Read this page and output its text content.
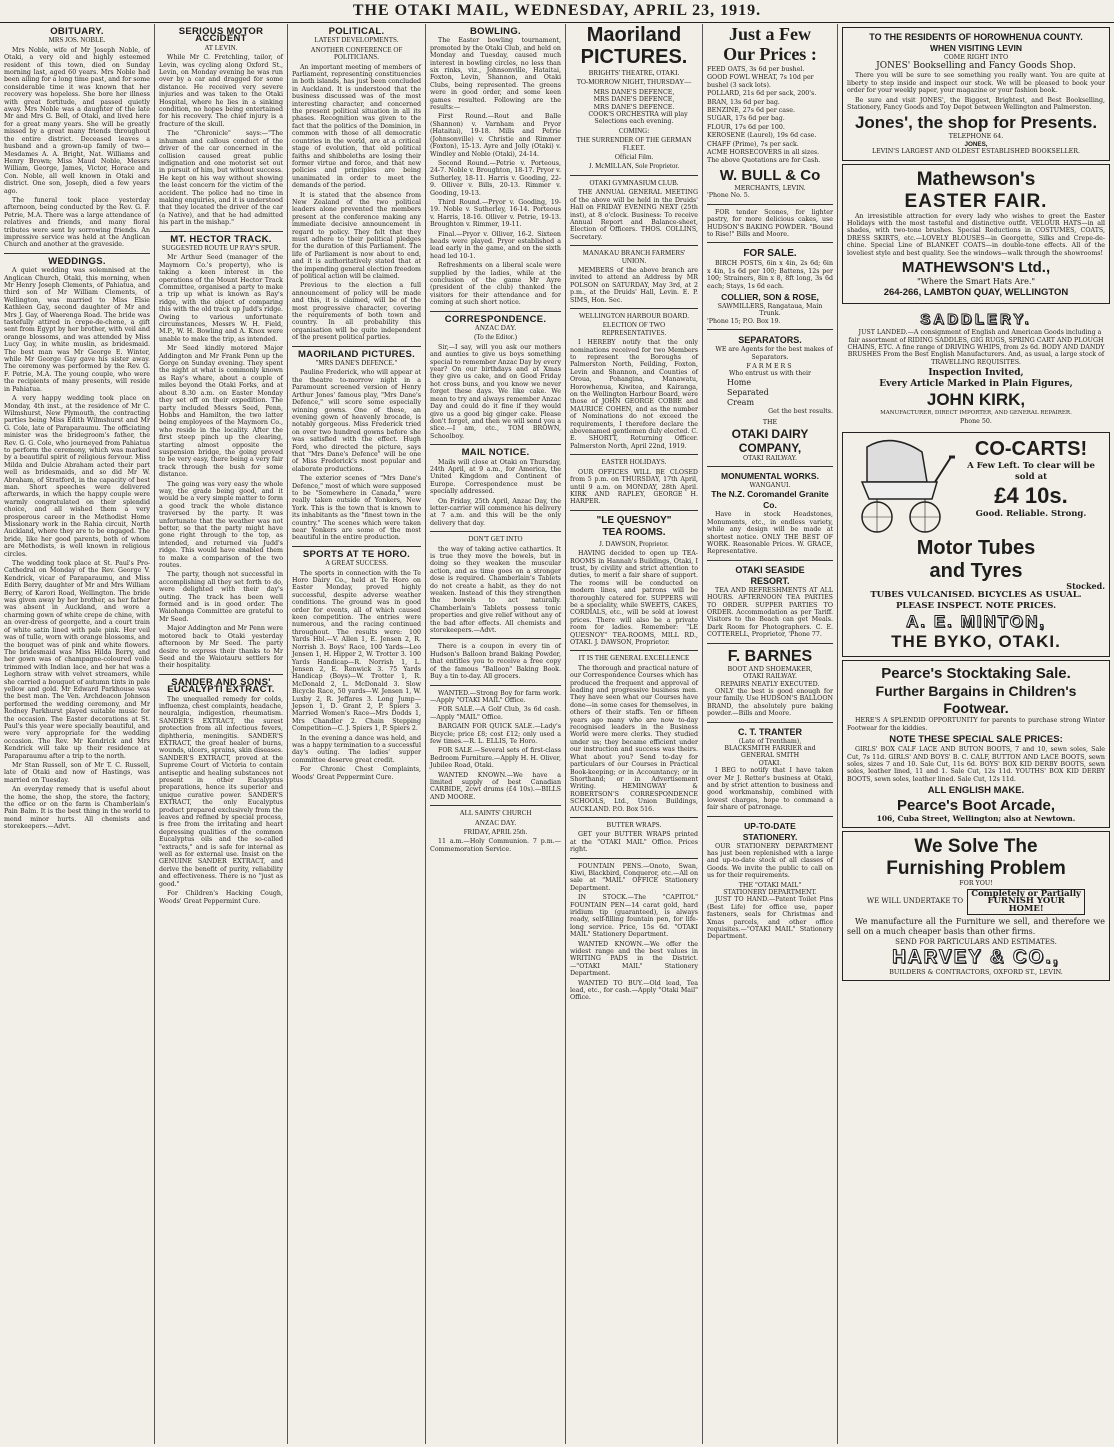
THE OTAKI MAIL, WEDNESDAY, APRIL 23, 1919.
OBITUARY.
MRS JOS. NOBLE.

Mrs Noble, wife of Mr Joseph Noble, of Otaki, a very old and highly esteemed resident of this town, died on Sunday morning last, aged 60 years. Mrs Noble had been ailing for a long time past, and for some considerable time it was known that her recovery was hopeless. She bore her illness with great fortitude, and passed quietly away. Mrs Noble was a daughter of the late Mr and Mrs G. Bell, of Otaki, and lived here for a great many years. She will be greatly missed by a great many friends throughout the entire district. Deceased leaves a husband and a grown-up family of two—Mesdames A. A. Bright, Nat. Williams and Henry Brown; Miss Maud Noble, Messrs William, George, James, Victor, Horace and Con. Noble, all well known in Otaki and district. One son, Joseph, died a few years ago.

The funeral took place yesterday afternoon, being conducted by the Rev. G. F. Petrie, M.A. There was a large attendance of relatives and friends, and many floral tributes were sent by sorrowing friends. An impressive service was held at the Anglican Church and another at the graveside.

WEDDINGS.

A quiet wedding was solemnised at the Anglican Church, Otaki, this morning, when Mr Henry Joseph Clements, of Pahiatua, and third son of Mr William Clements, of Wellington, was married to Miss Elsie Kathleen Gay, second daughter of Mr and Mrs J. Gay, of Waerenga Road. The bride was tastefully attired in crepe-de-chene, a gift sent from Egypt by her brother, with veil and orange blossoms, and was attended by Miss Lucy Gay, in white muslin, as bridesmaid. The best man was Mr George E. Winter, while Mr George Gay gave his sister away. The ceremony was performed by the Rev. G. F. Petrie, M.A. The young couple, who were the recipients of many presents, will reside in Pahiatua.

A very happy wedding took place on Monday, 4th inst., at the residence of Mr C. Wilmshurst, New Plymouth, the contracting parties being Miss Edith Wilmshurst and Mr G. Cole, late of Paraparaumu. The officiating minister was the bridegroom's father, the Rev. G. G. Cole, who journeyed from Pahiatua to perform the ceremony, which was marked by a beautiful spirit of religious fervour. Miss Milda and Dulcie Abraham acted their part well as bridesmaids, and so did Mr W. Abraham, of Stratford, in the capacity of best man. Short speeches were delivered afterwards, in which the happy couple were warmly congratulated on their splendid choice, and all wished them a very prosperous career in the Methodist Home Missionary work in the Rahia circuit, North Auckland, where they are to be engaged. The bride, like her good parents, both of whom are Methodists, is well known in religious circles.

The wedding took place at St. Paul's Pro-Cathedral on Monday of the Rev. George V. Kendrick, vicar of Paraparaumu, and Miss Edith Berry, daughter of Mr and Mrs William Berry, of Karori Road, Wellington. The bride was given away by her brother, as her father was absent in Auckland, and wore a charming gown of white crepe de chine, with an over-dress of georgette, and a court train of white satin lined with pale pink. Her veil was of tulle, worn with orange blossoms, and the bouquet was of pink and white flowers. The bridesmaid was Miss Hilda Berry, and her gown was of champagne-coloured voile trimmed with Indian lace, and her hat was a Leghorn straw with velvet streamers, while she carried a bouquet of autumn tints in pale yellow and gold. Mr Edward Parkhouse was the best man. The Ven. Archdeacon Johnson performed the wedding ceremony, and Mr Rodney Parkhurst played suitable music for the occasion. The Easter decorations at St. Paul's this year were specially beautiful, and were very appropriate for the wedding occasion. The Rev. Mr Kendrick and Mrs Kendrick will take up their residence at Paraparaumu after a trip to the north.

Mr Stan Russell, son of Mr T. C. Russell, late of Otaki and now of Hastings, was married on Tuesday.

An everyday remedy that is useful about the home, the shop, the store, the factory, the office or on the farm is Chamberlain's Pain Balm. It is the best thing in the world to mend minor hurts. All chemists and storekeepers.—Advt.

SERIOUS MOTOR ACCIDENT
AT LEVIN.

While Mr C. Fretchling, tailor, of Levin, was cycling along Oxford St., Levin, on Monday evening he was run over by a car and dragged for some distance. He received very severe injuries and was taken to the Otaki Hospital, where he lies in a sinking condition, no hopes being entertained for his recovery. The chief injury is a fracture of the skull.

The "Chronicle" says:—"The inhuman and callous conduct of the driver of the car concerned in the collision caused great public indignation and one motorist set out in pursuit of him, but without success. He kept on his way without showing the least concern for the victim of the accident. The police had no time in making enquiries, and it is understood that they located the driver of the car (a Native), and that he had admitted his part in the mishap."

MT. HECTOR TRACK.
SUGGESTED ROUTE UP RAY'S SPUR.

Mr Arthur Seed (manager of the Maymorn Co.'s property), who is taking a keen interest in the operations of the Mount Hector Track Committee, organised a party to make a trip up what is known as Ray's ridge, with the object of comparing this with the old track up Judd's ridge. Owing to various unfortunate circumstances, Messrs W. H. Field, M.P., W. H. Bowling and A. Knox were unable to make the trip, as intended.

Mr Seed kindly motored Major Addington and Mr Frank Penn up the Gorge on Sunday evening. They spent the night at what is commonly known as Ray's whare, about a couple of miles beyond the Otaki Forks, and at about 8.30 a.m. on Easter Monday they set off on their expedition. The party included Messrs Seed, Penn, Hobbs and Hamilton, the two latter being employees of the Maymorn Co., who reside in the locality. After the first steep pinch up the clearing, starting almost opposite the suspension bridge, the going proved to be very easy, there being a very fair track through the bush for some distance.

The going was very easy the whole way, the grade being good, and it would be a very simple matter to form a good track the whole distance traversed by the party. It was unfortunate that the weather was not better, so that the party might have gone right through to the top, as intended, and returned via Judd's ridge. This would have enabled them to make a comparison of the two routes.

The party, though not successful in accomplishing all they set forth to do, were delighted with their day's outing. The track has been well formed and is in good order. The Waiohanga Committee are grateful to Mr Seed.

Major Addington and Mr Penn were motored back to Otaki yesterday afternoon by Mr Seed. The party desire to express their thanks to Mr Seed and the Waiotauru settlers for their hospitality.

SANDER AND SONS' EUCALYPTI EXTRACT.

The unequalled remedy for colds, influenza, chest complaints, headache, neuralgia, indigestion, rheumatism. SANDER'S EXTRACT, the surest protection from all infectious fevers, diphtheria, meningitis. SANDER'S EXTRACT, the great healer of burns, wounds, ulcers, sprains, skin diseases. SANDER'S EXTRACT, proved at the Supreme Court of Victoria to contain antiseptic and healing substances not present in other Eucalyptus preparations, hence its superior and unique curative power. SANDER'S EXTRACT, the only Eucalyptus product prepared exclusively from the leaves and refined by special process, is free from the irritating and heart depressing qualities of the common Eucalyptus oils and the so-called "extracts," and is safe for internal as well as for external use. Insist on the GENUINE SANDER EXTRACT, and derive the benefit of purity, reliability and effectiveness. There is no "just as good."

For Children's Hacking Cough, Woods' Great Peppermint Cure.

POLITICAL.
LATEST DEVELOPMENTS.
ANOTHER CONFERENCE OF POLITICIANS.

An important meeting of members of Parliament, representing constituencies in both islands, has just been concluded in Auckland. It is understood that the business discussed was of the most interesting character, and concerned the present political situation in all its phases. Recognition was given to the fact that the politics of the Dominion, in common with those of all democratic countries in the world, are at a critical stage of evolution, that old political faiths and shibboleths are losing their former virtue and force, and that new policies and principles are being unanimated in order to meet the demands of the period.

It is stated that the absence from New Zealand of the two political leaders alone prevented the members present at the conference making any immediate decisive announcement in regard to policy. They felt that they must adhere to their political pledges for the duration of this Parliament. The life of Parliament is now about to end, and it is authoritatively stated that at the impending general election freedom of political action will be claimed.

Previous to the election a full announcement of policy will be made and this, it is claimed, will be of the most progressive character, covering the requirements of both town and country. In all probability this organisation will be quite independent of the present political parties.

MAORILAND PICTURES.
"MRS DANE'S DEFENCE."

Pauline Frederick, who will appear at the theatre to-morrow night in a Paramount screened version of Henry Arthur Jones' famous play, "Mrs Dane's Defence," will score some especially winning gowns. One of these, an evening gown of heavenly brocade, is notably gorgeous. Miss Frederick tried on over two hundred gowns before she was satisfied with the effect. Hugh Ford, who directed the picture, says that "Mrs Dane's Defence" will be one of Miss Frederick's most popular and elaborate productions.

The exterior scenes of "Mrs Dane's Defence," most of which were supposed to be "Somewhere in Canada," were really taken outside of Yonkers, New York. This is the town that is known to its inhabitants as the "finest town in the country." The scenes which were taken near Yonkers are some of the most beautiful in the entire production.

SPORTS AT TE HORO.
A GREAT SUCCESS.

The sports in connection with the Te Horo Dairy Co., held at Te Horo on Easter Monday, proved highly successful, despite adverse weather conditions. The ground was in good order for events, all of which caused keen competition. The entries were numerous, and the racing continued throughout. The results were: 100 Yards Hbl.—V. Allen 1, E. Jensen 2, R. Norrish 3. Boys' Race, 100 Yards—Leo Jensen 1, H. Hipper 2, W. Trotter 3. 100 Yards Handicap—R. Norrish 1, L. Jensen 2, E. Renwick 3. 75 Yards Handicap (Boys)—W. Trotter 1, R. McDonald 2, L. McDonald 3. Slow Bicycle Race, 50 yards—W. Jensen 1, W. Luxby 2, R. Jeffares 3. Long Jump—Jepson 1, D. Grant 2, P. Spiers 3. Married Women's Race—Mrs Dodds 1, Mrs Chandler 2. Chain Stepping Competition—C. J. Spiers 1, P. Spiers 2.

In the evening a dance was held, and was a happy termination to a successful day's outing. The ladies' supper committee deserve great credit.

For Chronic Chest Complaints, Woods' Great Peppermint Cure.

BOWLING.

The Easter bowling tournament, promoted by the Otaki Club, and held on Monday and Tuesday, caused much interest in bowling circles, no less than six rinks, viz., Johnsonville, Hataitai, Foxton, Levin, Shannon, and Otaki Clubs, being represented. The greens were in good order, and some keen games resulted. Following are the results:—

First Round.—Rout and Balle (Shannon) v. Varnham and Pryor (Hataitai), 19-18. Mills and Petrie (Johnsonville) v. Christie and Rimmer (Foxton), 15-13. Ayre and Jolly (Otaki) v. Windley and Noble (Otaki), 24-14.

Second Round.—Petrie v. Porteous, 24-7. Noble v. Broughton, 18-17. Pryor v. Sutherley, 18-11. Harris v. Gooding, 22-9. Olliver v. Bills, 20-13. Rimmer v. Gooding, 19-13.

Third Round.—Pryor v. Gooding, 19-19. Noble v. Sutherley, 16-14. Porteous v. Harris, 18-16. Olliver v. Petrie, 19-13. Broughton v. Rimmer, 19-11.

Final.—Pryor v. Olliver, 16-2. Sixteen heads were played. Pryor established a lead early in the game, and on the sixth head led 10-1.

Refreshments on a liberal scale were supplied by the ladies, while at the conclusion of the game Mr Ayre (president of the club) thanked the visitors for their attendance and for coming at such short notice.

CORRESPONDENCE.
ANZAC DAY.
(To the Editor.)

Sir,—I say, will you ask our mothers and aunties to give us boys something special to remember Anzac Day by every year? On our birthdays and at Xmas they give us cake, and on Good Friday hot cross buns, and you know we never forget these days. We like cake. We mean to try and always remember Anzac Day and could do it fine if they would give us a good big ginger cake. Please don't forget, and then we will send you a slice.—I am, etc., TOM BROWN, Schoolboy.

MAIL NOTICE.

Mails will close at Otaki on Thursday, 24th April, at 9 a.m., for America, the United Kingdom and Continent of Europe. Correspondence must be specially addressed.

On Friday, 25th April, Anzac Day, the letter-carrier will commence his delivery at 7 a.m. and this will be the only delivery that day.

DON'T GET INTO

the way of taking active cathartics. It is true they move the bowels, but in doing so they weaken the muscular action, and as time goes on a stronger dose is required. Chamberlain's Tablets do not create a habit, as they do not weaken. Instead of this they strengthen the bowels to act naturally. Chamberlain's Tablets possess tonic properties and give relief without any of the bad after effects. All chemists and storekeepers.—Advt.

There is a coupon in every tin of Hudson's Balloon brand Baking Powder, that entitles you to receive a free copy of the famous "Balloon" Baking Book. Buy a tin to-day. All grocers.

WANTED.—Strong Boy for farm work.—Apply "OTAKI MAIL" Office.

FOR SALE.—A Golf Club, 3s 6d cash.—Apply "MAIL" Office.

BARGAIN FOR QUICK SALE.—Lady's Bicycle; price £8; cost £12; only used a few times.—R. L. ELLIS, Te Horo.

FOR SALE.—Several sets of first-class Bedroom Furniture.—Apply H. H. Oliver, Jubilee Road, Otaki.

WANTED KNOWN.—We have a limited supply of best Canadian CARBIDE, 2cwt drums (£4 10s).—BILLS AND MOORE.

ALL SAINTS' CHURCH
ANZAC DAY.
FRIDAY, APRIL 25th.

11 a.m.—Holy Communion. 7 p.m.—Commemoration Service.

Maoriland
PICTURES.
BRIGHTS' THEATRE, OTAKI.
TO-MORROW NIGHT, THURSDAY—
MRS DANE'S DEFENCE,
MRS DANE'S DEFENCE,
MRS DANE'S DEFENCE.

COOK'S ORCHESTRA will play Selections each evening.

COMING:
THE SURRENDER OF THE GERMAN FLEET.
Official Film.
J. McMILLAN, Sole Proprietor.
OTAKI GYMNASIUM CLUB.

THE ANNUAL GENERAL MEETING of the above will be held in the Druids' Hall on FRIDAY EVENING NEXT (25th inst), at 8 o'clock. Business: To receive Annual Report and Balance-sheet, Election of Officers. THOS. COLLINS, Secretary.

MANAKAU BRANCH FARMERS' UNION.

MEMBERS of the above branch are invited to attend an Address by MR POLSON on SATURDAY, May 3rd, at 2 p.m., at the Druids' Hall, Levin. E. P. SIMS, Hon. Sec.

WELLINGTON HARBOUR BOARD.
ELECTION OF TWO REPRESENTATIVES.

I HEREBY notify that the only nominations received for two Members to represent the Boroughs of Palmerston North, Feilding, Foxton, Levin and Shannon, and Counties of Oroua, Pohangina, Manawatu, Horowhenua, Kiwitea, and Kairanga, on the Wellington Harbour Board, were those of JOHN GEORGE COBBE and MAURICE COHEN, and as the number of Nominations do not exceed the requirements, I therefore declare the abovenamed gentlemen duly elected. C. E. SHORTT, Returning Officer. Palmerston North, April 22nd, 1919.

EASTER HOLIDAYS.

OUR OFFICES WILL BE CLOSED from 5 p.m. on THURSDAY, 17th April, until 9 a.m. on MONDAY, 28th April. KIRK AND RAPLEY, GEORGE H. HARPER.

"LE QUESNOY"
TEA ROOMS.
J. DAWSON, Proprietor.

HAVING decided to open up TEA-ROOMS in Hannah's Buildings, Otaki, I trust, by civility and strict attention to duties, to merit a fair share of support. The rooms will be conducted on modern lines, and patrons will be thoroughly catered for. SUPPERS will be a speciality, while SWEETS, CAKES, CORDIALS, etc., will be sold at lowest prices. There will also be a private room for ladies. Remember: "LE QUESNOY" TEA-ROOMS, MILL RD., OTAKI. J. DAWSON, Proprietor.

IT IS THE GENERAL EXCELLENCE

The thorough and practical nature of our Correspondence Courses which has produced the frequent and approval of leading and progressive business men. They have seen what our Courses have done—in some cases for themselves, in others of their staffs. Ten or fifteen years ago many who are now to-day recognised leaders in the Business World were mere clerks. They studied under us; they became efficient under our instruction and success was theirs. What about you? Send to-day for particulars of our Courses in Practical Book-keeping; or in Accountancy; or in Shorthand; or in Advertisement Writing. HEMINGWAY & ROBERTSON'S CORRESPONDENCE SCHOOLS, Ltd., Union Buildings, AUCKLAND. P.O. Box 516.

BUTTER WRAPS.

GET your BUTTER WRAPS printed at the "OTAKI MAIL" Office. Prices right.

FOUNTAIN PENS.—Onoto, Swan, Kiwi, Blackbird, Conqueror, etc.—All on sale at "MAIL" OFFICE Stationery Department.

IN STOCK.—The "CAPITOL" FOUNTAIN PEN—14 carat gold, hard iridium tip (guaranteed), is always ready, self-filling fountain pen, for life-long service. Price, 15s 6d. "OTAKI MAIL" Stationery Department.

WANTED KNOWN.—We offer the widest range and the best values in WRITING PADS in the District.—"OTAKI MAIL" Stationery Department.

WANTED TO BUY.—Old lead, Tea lead, etc., for cash.—Apply "Otaki Mail" Office.

Just a Few
Our Prices :
FEED OATS, 3s 6d per bushel.
GOOD FOWL WHEAT, 7s 10d per bushel (3 sack lots).
POLLARD, 21s 6d per sack, 200's.
BRAN, 13s 6d per bag.
BENZINE, 27s 6d per case.
SUGAR, 17s 6d per bag.
FLOUR, 17s 6d per 100.
KEROSENE (Laurel), 19s 6d case.
CHAFF (Prime), 7s per sack.
ACME HORSECOVERS in all sizes.
The above Quotations are for Cash.
W. BULL & Co
MERCHANTS, LEVIN.
'Phone No. 5.

FOR tender Scones, for lighter pastry, for more delicious cakes, use HUDSON'S BAKING POWDER. "Bound to Rise!" Bills and Moore.

FOR SALE.

BIRCH POSTS, 6in x 4in, 2s 6d; 6in x 4in, 1s 6d per 100; Battens, 12s per 100; Strainers, 8in x 8, 8ft long, 3s 6d each; Stays, 1s 6d each.

COLLIER, SON & ROSE,
SAWMILLERS, Rangataua, Main Trunk.
'Phone 15; P.O. Box 19.
SEPARATORS.

WE are Agents for the best makes of Separators.

FARMERS
Who entrust us with their
Home
Separated
Cream
Get the best results.
THE
OTAKI DAIRY
COMPANY,
OTAKI RAILWAY.
MONUMENTAL WORKS.
WANGANUI.
The N.Z. Coromandel Granite Co.

Have in stock Headstones, Monuments, etc., in endless variety, while any design will be made at shortest notice. ONLY THE BEST OF WORK. Reasonable Prices. W. GRACE, Representative.

OTAKI SEASIDE
RESORT.

TEA AND REFRESHMENTS AT ALL HOURS. AFTERNOON TEA PARTIES TO ORDER. SUPPER PARTIES TO ORDER. Accommodation as per Tariff. Visitors to the Beach can get Meals. Dark Room for Photographers. C. E. COTTERELL, Proprietor, 'Phone 77.

F. BARNES
BOOT AND SHOEMAKER,
OTAKI RAILWAY.
REPAIRS NEATLY EXECUTED.

ONLY the best is good enough for your family. Use HUDSON'S BALLOON BRAND, the absolutely pure baking powder.—Bills and Moore.

C. T. TRANTER
(Late of Trentham),
BLACKSMITH FARRIER and GENERAL SMITH
OTAKI.

I BEG to notify that I have taken over Mr J. Retter's business at Otaki, and by strict attention to business and good workmanship, combined with lowest charges, hope to command a fair share of patronage.

UP-TO-DATE
STATIONERY.

OUR STATIONERY DEPARTMENT has just been replenished with a large and up-to-date stock of all classes of Goods. We invite the public to call on us for their requirements.

THE "OTAKI MAIL"
STATIONERY DEPARTMENT.

JUST TO HAND.—Patent Toilet Pins (Best Life) for office use, paper fasteners, seals for Christmas and Xmas parcels, and other office requisites.—"OTAKI MAIL" Stationery Department.

TO THE RESIDENTS OF HOROWHENUA COUNTY.
WHEN VISITING LEVIN
COME RIGHT INTO
JONES' Bookselling and Fancy Goods Shop.

There you will be sure to see something you really want. You are quite at liberty to step inside and inspect our stock. We will be pleased to book your order for your weekly paper, your magazine or your fashion book.

Be sure and visit JONES', the Biggest, Brightest, and Best Bookselling, Stationery, Fancy Goods and Toy Depot between Wellington and Palmerston.

Jones', the shop for Presents.
TELEPHONE 64.
JONES,
LEVIN'S LARGEST AND OLDEST ESTABLISHED BOOKSELLER.
Mathewson's
EASTER FAIR.

An irresistible attraction for every lady who wishes to greet the Easter Holidays with the most tasteful and distinctive outfit. VELOUR HATS—in all shades, with two-tone brushes. Special Reductions in COSTUMES, COATS, DRESS SKIRTS, etc.—LOVELY BLOUSES—in Georgette, Silks and Crepe-de-chine. Special Line of BLANKET COATS—in double-tone effects. All of the loveliest style and best quality. See the windows—walk through the showrooms!

MATHEWSON'S Ltd.,
"Where the Smart Hats Are."
264-266, LAMBTON QUAY, WELLINGTON
SADDLERY.

JUST LANDED.—A consignment of English and American Goods including a fair assortment of RIDING SADDLES, GIG RUGS, SPRING CART AND PLOUGH CHAINS, ETC. A fine range of DRIVING WHIPS, from 2s 6d. BODY AND DANDY BRUSHES From the Best English Manufacturers. And, as usual, a large stock of TRAVELLING REQUISITES.

Inspection Invited,
Every Article Marked in Plain Figures,
JOHN KIRK,
MANUFACTURER, DIRECT IMPORTER, AND GENERAL REPAIRER.
Phone 50.
CO-CARTS!
A Few Left. To clear will be sold at
£4 10s.
Good. Reliable. Strong.
Motor Tubes
and Tyres
Stocked.
TUBES VULCANISED. BICYCLES AS USUAL.
PLEASE INSPECT. NOTE PRICES.
A. E. MINTON,
THE BYKO, OTAKI.
Pearce's Stocktaking Sale.
Further Bargains in Children's Footwear.

HERE'S A SPLENDID OPPORTUNITY for parents to purchase strong Winter Footwear for the kiddies.

NOTE THESE SPECIAL SALE PRICES:

GIRLS' BOX CALF LACE AND BUTON BOOTS, 7 and 10, sewn soles, Sale Cut, 7s 11d. GIRLS' AND BOYS' B. C. CALF, BUTTON AND LACE BOOTS, sewn soles, sizes 7 and 10. Sale Cut, 11s 6d. BOYS' BOX KID DERBY BOOTS, sewn soles, leather lined, 11 and 1. Sale Cut, 12s 11d. YOUTHS' BOX KID DERBY BOOTS, sewn soles, leather lined. Sale Cut, 12s 11d.

ALL ENGLISH MAKE.
Pearce's Boot Arcade,
106, Cuba Street, Wellington; also at Newtown.
We Solve The
Furnishing Problem
FOR YOU!
WE WILL UNDERTAKE TO
Completely or Partially FURNISH YOUR HOME!

We manufacture all the Furniture we sell, and therefore we sell on a much cheaper basis than other firms.

SEND FOR PARTICULARS AND ESTIMATES.
HARVEY & CO.,
BUILDERS & CONTRACTORS, OXFORD ST., LEVIN.
